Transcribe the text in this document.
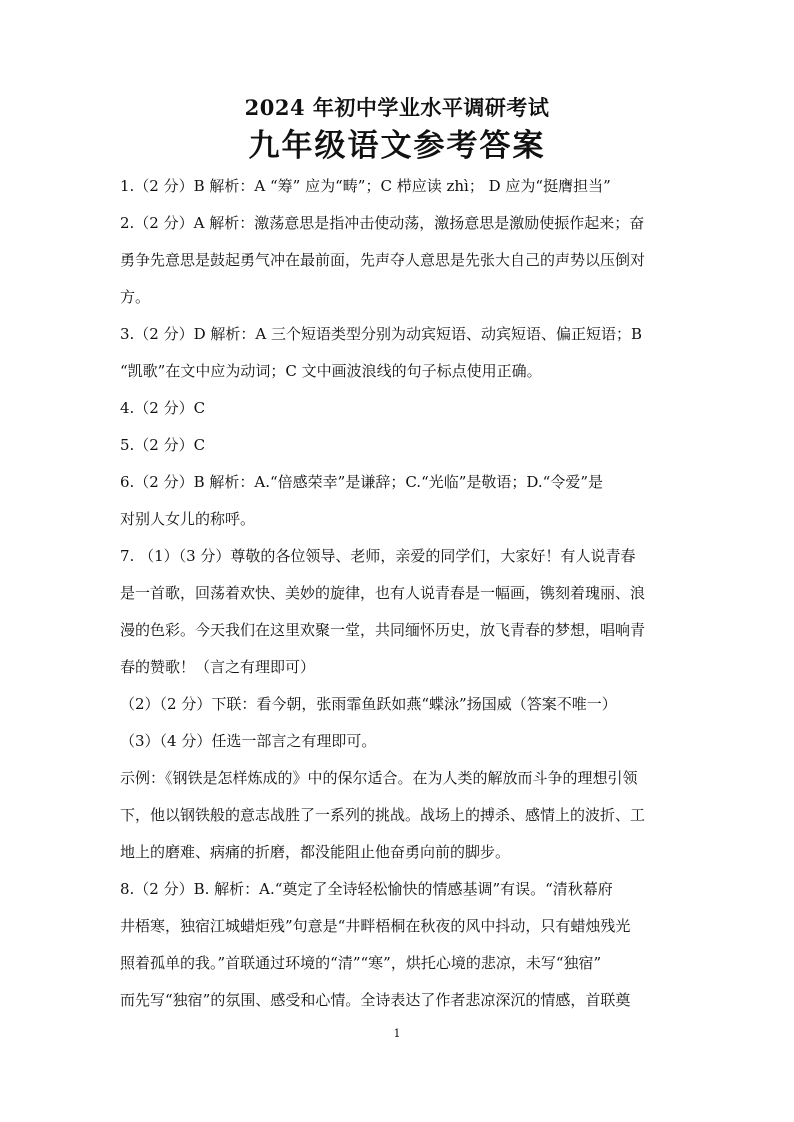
2024 年初中学业水平调研考试
九年级语文参考答案

1.（2 分）B 解析：A “筹” 应为“畴”；C 栉应读 zhì； D 应为“挺膺担当”

2.（2 分）A 解析：激荡意思是指冲击使动荡，激扬意思是激励使振作起来；奋

勇争先意思是鼓起勇气冲在最前面，先声夺人意思是先张大自己的声势以压倒对

方。

3.（2 分）D 解析：A 三个短语类型分别为动宾短语、动宾短语、偏正短语；B

“凯歌”在文中应为动词；C 文中画波浪线的句子标点使用正确。

4.（2 分）C

5.（2 分）C

6.（2 分）B 解析：A.“倍感荣幸”是谦辞；C.“光临”是敬语；D.“令爱”是

对别人女儿的称呼。

7. （1）（3 分）尊敬的各位领导、老师，亲爱的同学们，大家好！有人说青春

是一首歌，回荡着欢快、美妙的旋律，也有人说青春是一幅画，镌刻着瑰丽、浪

漫的色彩。今天我们在这里欢聚一堂，共同缅怀历史，放飞青春的梦想，唱响青

春的赞歌！（言之有理即可）

（2）（2 分）下联：看今朝，张雨霏鱼跃如燕“蝶泳”扬国威（答案不唯一）

（3）（4 分）任选一部言之有理即可。

示例：《钢铁是怎样炼成的》中的保尔适合。在为人类的解放而斗争的理想引领

下，他以钢铁般的意志战胜了一系列的挑战。战场上的搏杀、感情上的波折、工

地上的磨难、病痛的折磨，都没能阻止他奋勇向前的脚步。

8.（2 分）B. 解析：A.“奠定了全诗轻松愉快的情感基调”有误。“清秋幕府

井梧寒，独宿江城蜡炬残”句意是“井畔梧桐在秋夜的风中抖动，只有蜡烛残光

照着孤单的我。”首联通过环境的“清”“寒”，烘托心境的悲凉，未写“独宿”

而先写“独宿”的氛围、感受和心情。全诗表达了作者悲凉深沉的情感，首联奠

1
